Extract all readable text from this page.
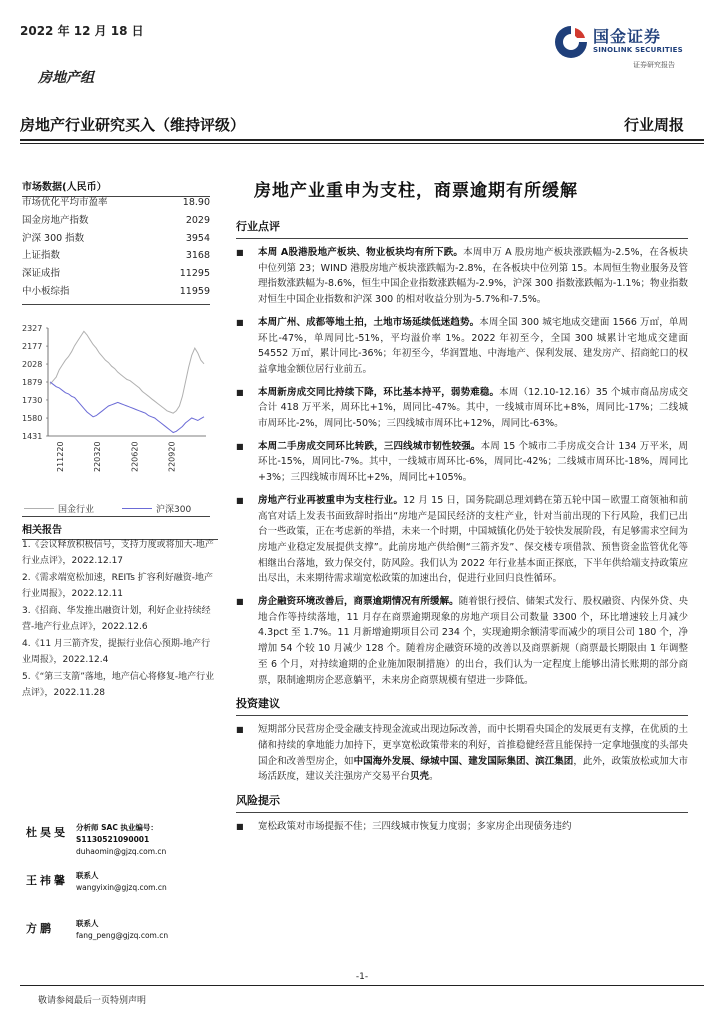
2022 年 12 月 18 日	国金证券
SINOLINK SECURITIES
证券研究报告
房地产组
房地产行业研究买入（维持评级）	行业周报
市场数据(人民币）
市场优化平均市盈率	18.90
国金房地产指数	2029
沪深 300 指数	3954
上证指数	3168
深证成指	11295
中小板综指	11959
1431
1580
1730
1879
2028
2177
2327
211220	220320	220620	220920
国金行业	沪深300
相关报告
1.《会议释放积极信号，支持力度或将加大-地产行业点评》，2022.12.17
2.《需求端宽松加速，REITs 扩容利好融资-地产行业周报》，2022.12.11
3.《招商、华发推出融资计划，利好企业持续经营-地产行业点评》，2022.12.6
4.《11 月三箭齐发，提振行业信心预期-地产行业周报》，2022.12.4
5.《“第三支箭”落地，地产信心将修复-地产行业点评》，2022.11.28
杜昊旻 分析师 SAC 执业编号：S1130521090001
duhaomin@gjzq.com.cn
王祎馨 联系人
wangyixin@gjzq.com.cn
方鹏	联系人
fang_peng@gjzq.com.cn
房地产业重申为支柱，商票逾期有所缓解
行业点评
■ 本周 A股港股地产板块、物业板块均有所下跌。本周申万 A 股房地产板块涨跌幅为-2.5%，在各板块中位列第 23；WIND 港股房地产板块涨跌幅为-2.8%，在各板块中位列第 15。本周恒生物业服务及管理指数涨跌幅为-8.6%，恒生中国企业指数涨跌幅为-2.9%，沪深 300 指数涨跌幅为-1.1%；物业指数对恒生中国企业指数和沪深 300 的相对收益分别为-5.7%和-7.5%。
■ 本周广州、成都等地土拍，土地市场延续低迷趋势。本周全国 300 城宅地成交建面 1566 万㎡，单周环比-47%，单周同比-51%，平均溢价率 1%。2022 年初至今，全国 300 城累计宅地成交建面 54552 万㎡，累计同比-36%；年初至今，华润置地、中海地产、保利发展、建发房产、招商蛇口的权益拿地金额位居行业前五。
■ 本周新房成交同比持续下降，环比基本持平，弱势难稳。本周（12.10-12.16）35 个城市商品房成交合计 418 万平米，周环比+1%，周同比-47%。其中，一线城市周环比+8%，周同比-17%；二线城市周环比-2%，周同比-50%；三四线城市周环比+12%，周同比-63%。
■ 本周二手房成交同环比转跌，三四线城市韧性较强。本周 15 个城市二手房成交合计 134 万平米，周环比-15%，周同比-7%。其中，一线城市周环比-6%，周同比-42%；二线城市周环比-18%，周同比+3%；三四线城市周环比+2%，周同比+105%。
■ 房地产行业再被重申为支柱行业。12 月 15 日，国务院副总理刘鹤在第五轮中国－欧盟工商领袖和前高官对话上发表书面致辞时指出“房地产是国民经济的支柱产业，针对当前出现的下行风险，我们已出台一些政策，正在考虑新的举措，未来一个时期，中国城镇化仍处于较快发展阶段，有足够需求空间为房地产业稳定发展提供支撑”。此前房地产供给侧“三箭齐发”、保交楼专项借款、预售资金监管优化等相继出台落地，致力保交付，防风险。我们认为 2022 年行业基本面正探底，下半年供给端支持政策应出尽出，未来期待需求端宽松政策的加速出台，促进行业回归良性循环。
■ 房企融资环境改善后，商票逾期情况有所缓解。随着银行授信、储架式发行、股权融资、内保外贷、央地合作等持续落地，11 月存在商票逾期现象的房地产项目公司数量 3300 个，环比增速较上月减少 4.3pct 至 1.7%。11 月新增逾期项目公司 234 个，实现逾期余额清零而减少的项目公司 180 个，净增加 54 个较 10 月减少 128 个。随着房企融资环境的改善以及商票新规（商票最长期限由 1 年调整至 6 个月，对持续逾期的企业施加限制措施）的出台，我们认为一定程度上能够出清长账期的部分商票，限制逾期房企恶意躺平，未来房企商票规模有望进一步降低。
投资建议
■ 短期部分民营房企受金融支持现金流或出现边际改善，而中长期看央国企的发展更有支撑，在优质的土储和持续的拿地能力加持下，更享宽松政策带来的利好，首推稳健经营且能保持一定拿地强度的头部央国企和改善型房企，如中国海外发展、绿城中国、建发国际集团、滨江集团，此外，政策放松或加大市场活跃度，建议关注强房产交易平台贝壳。
风险提示
■ 宽松政策对市场提振不佳；三四线城市恢复力度弱；多家房企出现债务违约
-1-
敬请参阅最后一页特别声明
